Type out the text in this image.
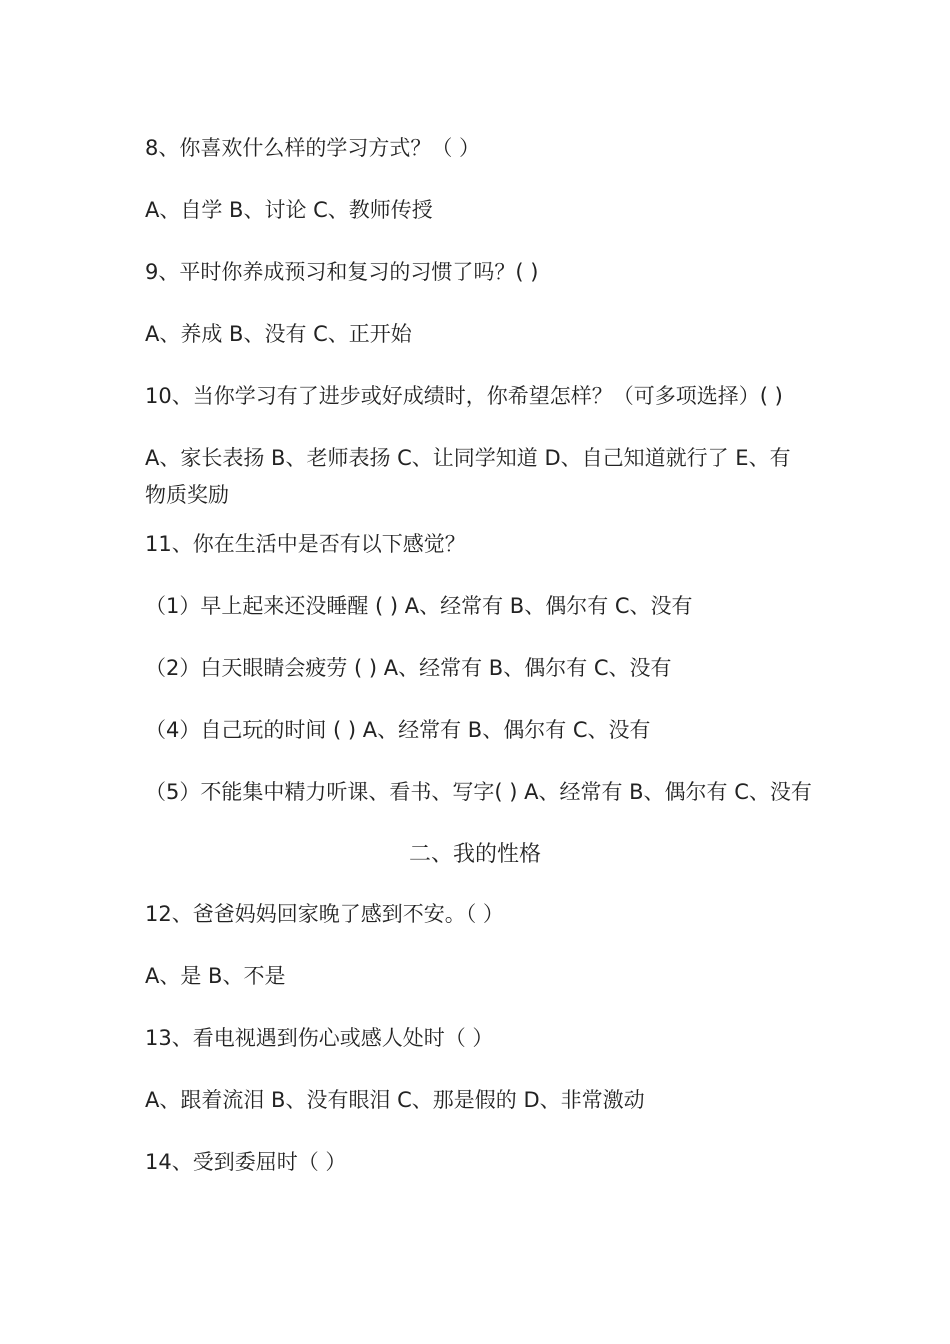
8、你喜欢什么样的学习方式？（ ）
A、自学 B、讨论 C、教师传授
9、平时你养成预习和复习的习惯了吗？( )
A、养成 B、没有 C、正开始
10、当你学习有了进步或好成绩时，你希望怎样？（可多项选择）( )
A、家长表扬 B、老师表扬 C、让同学知道 D、自己知道就行了 E、有物质奖励
11、你在生活中是否有以下感觉？
（1）早上起来还没睡醒 ( ) A、经常有 B、偶尔有 C、没有
（2）白天眼睛会疲劳 ( ) A、经常有 B、偶尔有 C、没有
（4）自己玩的时间 ( ) A、经常有 B、偶尔有 C、没有
（5）不能集中精力听课、看书、写字( ) A、经常有 B、偶尔有 C、没有
二、我的性格
12、爸爸妈妈回家晚了感到不安。（ ）
A、是 B、不是
13、看电视遇到伤心或感人处时（ ）
A、跟着流泪 B、没有眼泪 C、那是假的 D、非常激动
14、受到委屈时（ ）
